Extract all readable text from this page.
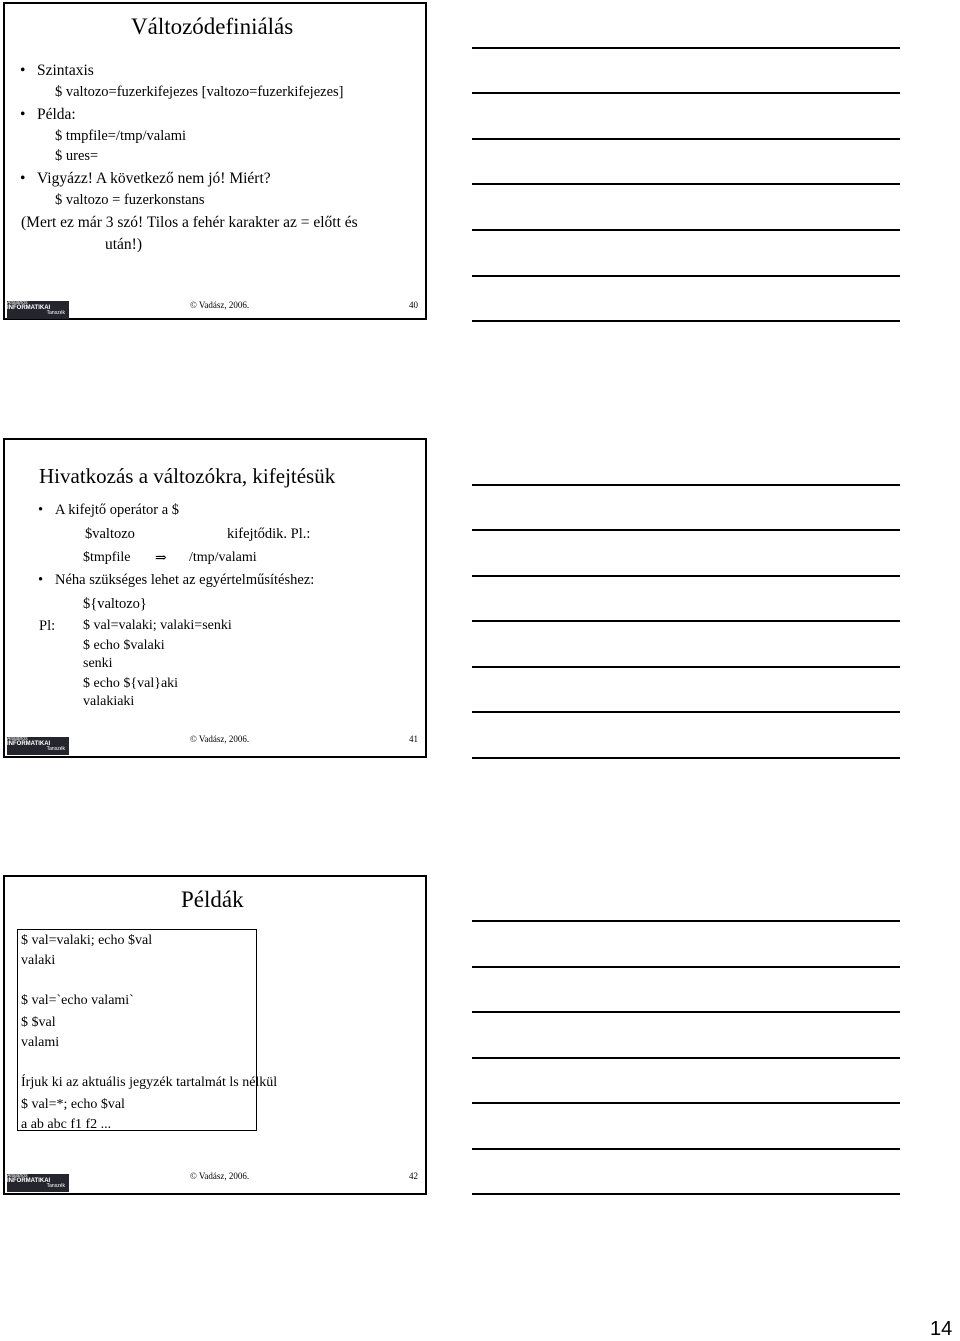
Változódefiniálás
• Szintaxis
$ valtozo=fuzerkifejezes [valtozo=fuzerkifejezes]
• Példa:
$ tmpfile=/tmp/valami
$ ures=
• Vigyázz! A következő nem jó! Miért?
$ valtozo = fuzerkonstans
(Mert ez már 3 szó! Tilos a fehér karakter az = előtt és
után!)
Általános
INFORMATIKAI
Tanszék
© Vadász, 2006.	40
Hivatkozás a változókra, kifejtésük
• A kifejtő operátor a $
$valtozo	kifejtődik. Pl.:
$tmpfile ⇒ /tmp/valami
• Néha szükséges lehet az egyértelműsítéshez:
${valtozo}
Pl: $ val=valaki; valaki=senki
$ echo $valaki
senki
$ echo ${val}aki
valakiaki
Általános
INFORMATIKAI
Tanszék
© Vadász, 2006.	41
Példák
$ val=valaki; echo $val
valaki
$ val=`echo valami`
$ $val
valami
Írjuk ki az aktuális jegyzék tartalmát ls nélkül
$ val=*; echo $val
a ab abc f1 f2 ...
Általános
INFORMATIKAI
Tanszék
© Vadász, 2006.	42
14
